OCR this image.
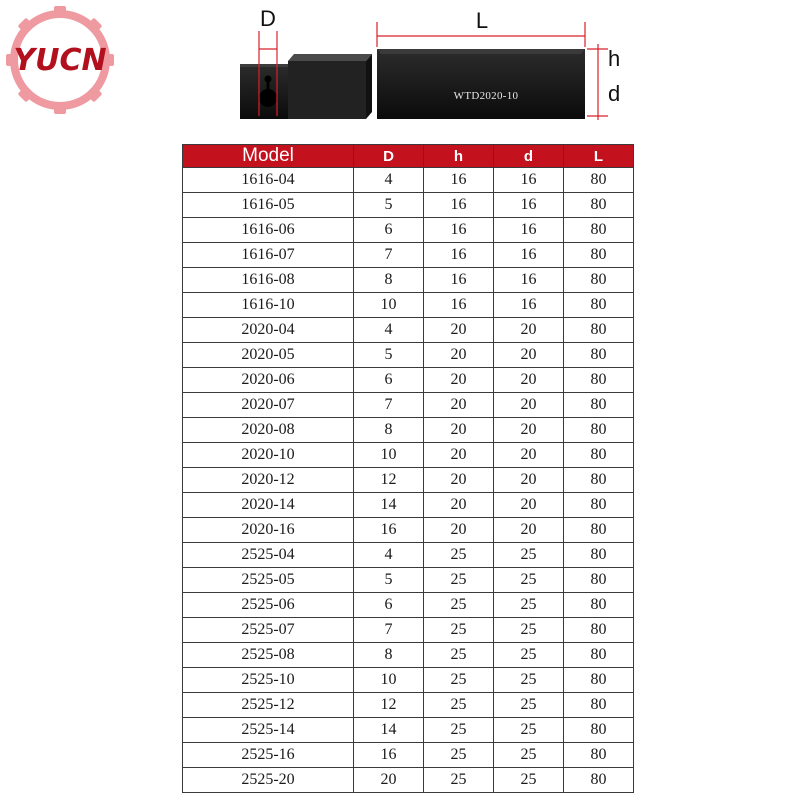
YUCN
D
WTD2020-10
L
h
d
Model	D	h	d	L
1616-04	4	16	16	80
1616-05	5	16	16	80
1616-06	6	16	16	80
1616-07	7	16	16	80
1616-08	8	16	16	80
1616-10	10	16	16	80
2020-04	4	20	20	80
2020-05	5	20	20	80
2020-06	6	20	20	80
2020-07	7	20	20	80
2020-08	8	20	20	80
2020-10	10	20	20	80
2020-12	12	20	20	80
2020-14	14	20	20	80
2020-16	16	20	20	80
2525-04	4	25	25	80
2525-05	5	25	25	80
2525-06	6	25	25	80
2525-07	7	25	25	80
2525-08	8	25	25	80
2525-10	10	25	25	80
2525-12	12	25	25	80
2525-14	14	25	25	80
2525-16	16	25	25	80
2525-20	20	25	25	80
